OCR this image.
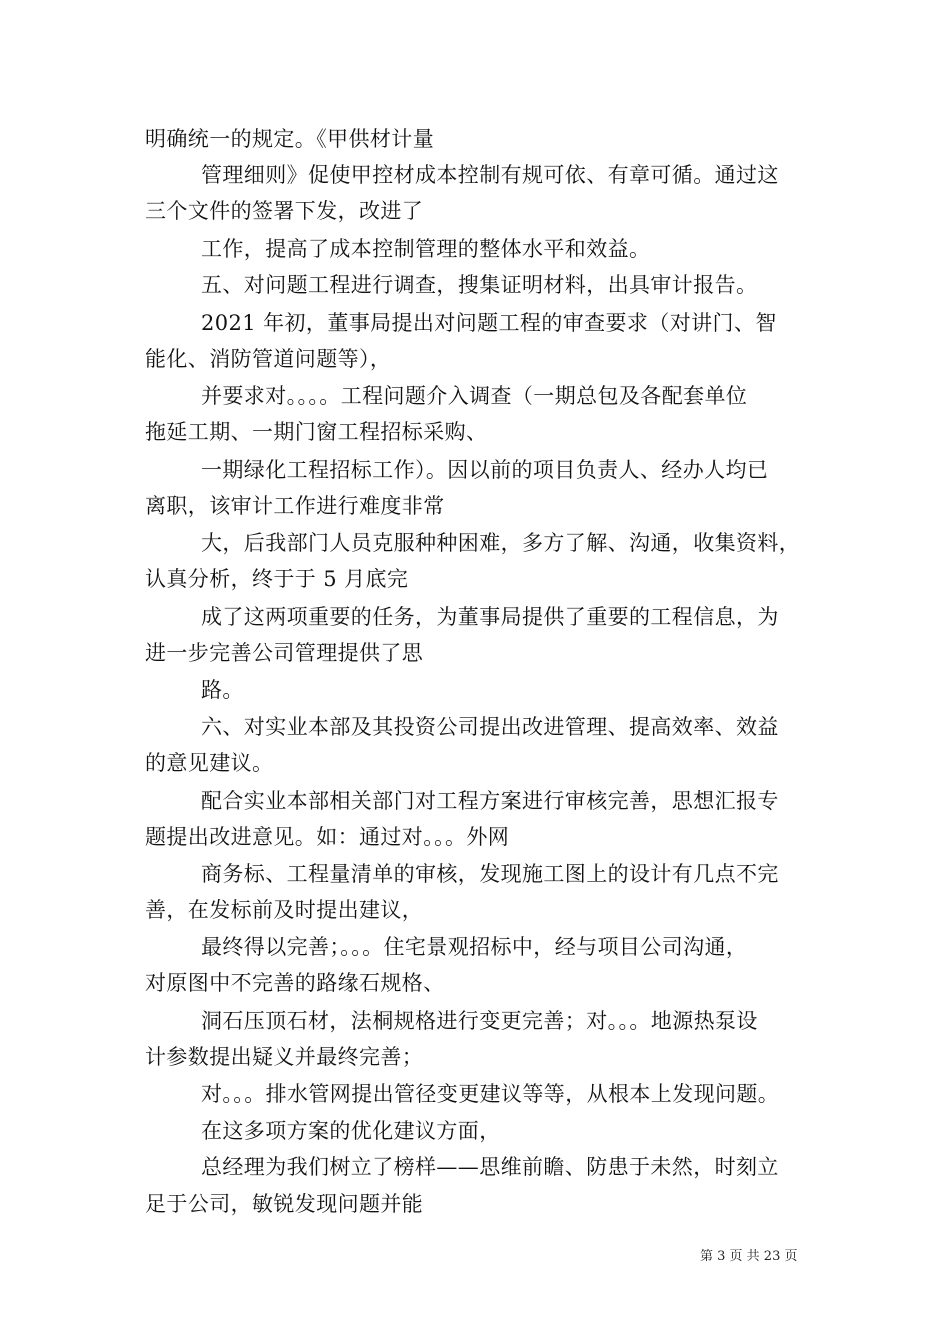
明确统一的规定。《甲供材计量
管理细则》促使甲控材成本控制有规可依、有章可循。通过这
三个文件的签署下发，改进了
工作，提高了成本控制管理的整体水平和效益。
五、对问题工程进行调查，搜集证明材料，出具审计报告。
2021 年初，董事局提出对问题工程的审查要求（对讲门、智
能化、消防管道问题等），
并要求对。。。。工程问题介入调查（一期总包及各配套单位
拖延工期、一期门窗工程招标采购、
一期绿化工程招标工作）。因以前的项目负责人、经办人均已
离职，该审计工作进行难度非常
大，后我部门人员克服种种困难，多方了解、沟通，收集资料，
认真分析，终于于 5 月底完
成了这两项重要的任务，为董事局提供了重要的工程信息，为
进一步完善公司管理提供了思
路。
六、对实业本部及其投资公司提出改进管理、提高效率、效益
的意见建议。
配合实业本部相关部门对工程方案进行审核完善，思想汇报专
题提出改进意见。如：通过对。。。外网
商务标、工程量清单的审核，发现施工图上的设计有几点不完
善，在发标前及时提出建议，
最终得以完善；。。。住宅景观招标中，经与项目公司沟通，
对原图中不完善的路缘石规格、
洞石压顶石材，法桐规格进行变更完善；对。。。地源热泵设
计参数提出疑义并最终完善；
对。。。排水管网提出管径变更建议等等，从根本上发现问题。
在这多项方案的优化建议方面，
总经理为我们树立了榜样——思维前瞻、防患于未然，时刻立
足于公司，敏锐发现问题并能
第 3 页 共 23 页
